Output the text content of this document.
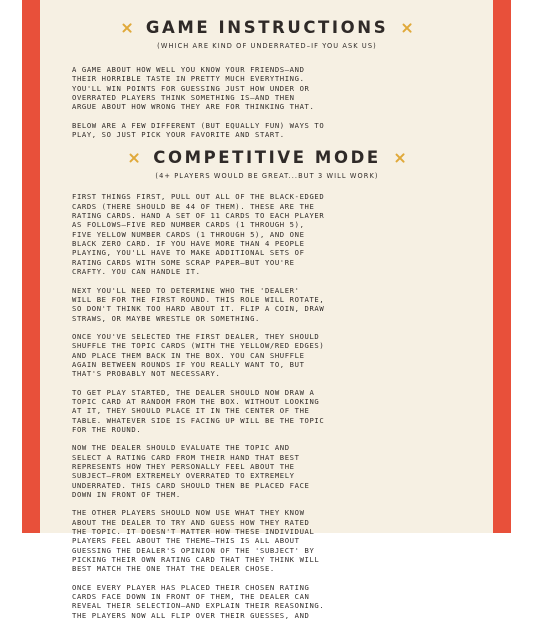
GAME INSTRUCTIONS

(WHICH ARE KIND OF UNDERRATED–IF YOU ASK US)

A GAME ABOUT HOW WELL YOU KNOW YOUR FRIENDS—AND
THEIR HORRIBLE TASTE IN PRETTY MUCH EVERYTHING.
YOU'LL WIN POINTS FOR GUESSING JUST HOW UNDER OR
OVERRATED PLAYERS THINK SOMETHING IS—AND THEN
ARGUE ABOUT HOW WRONG THEY ARE FOR THINKING THAT.
BELOW ARE A FEW DIFFERENT (BUT EQUALLY FUN) WAYS TO
PLAY, SO JUST PICK YOUR FAVORITE AND START.
COMPETITIVE MODE

(4+ PLAYERS WOULD BE GREAT...BUT 3 WILL WORK)

FIRST THINGS FIRST, PULL OUT ALL OF THE BLACK-EDGED
CARDS (THERE SHOULD BE 44 OF THEM). THESE ARE THE
RATING CARDS. HAND A SET OF 11 CARDS TO EACH PLAYER
AS FOLLOWS—FIVE RED NUMBER CARDS (1 THROUGH 5),
FIVE YELLOW NUMBER CARDS (1 THROUGH 5), AND ONE
BLACK ZERO CARD. IF YOU HAVE MORE THAN 4 PEOPLE
PLAYING, YOU'LL HAVE TO MAKE ADDITIONAL SETS OF
RATING CARDS WITH SOME SCRAP PAPER—BUT YOU'RE
CRAFTY. YOU CAN HANDLE IT.
NEXT YOU'LL NEED TO DETERMINE WHO THE 'DEALER'
WILL BE FOR THE FIRST ROUND. THIS ROLE WILL ROTATE,
SO DON'T THINK TOO HARD ABOUT IT. FLIP A COIN, DRAW
STRAWS, OR MAYBE WRESTLE OR SOMETHING.
ONCE YOU'VE SELECTED THE FIRST DEALER, THEY SHOULD
SHUFFLE THE TOPIC CARDS (WITH THE YELLOW/RED EDGES)
AND PLACE THEM BACK IN THE BOX. YOU CAN SHUFFLE
AGAIN BETWEEN ROUNDS IF YOU REALLY WANT TO, BUT
THAT'S PROBABLY NOT NECESSARY.
TO GET PLAY STARTED, THE DEALER SHOULD NOW DRAW A
TOPIC CARD AT RANDOM FROM THE BOX. WITHOUT LOOKING
AT IT, THEY SHOULD PLACE IT IN THE CENTER OF THE
TABLE. WHATEVER SIDE IS FACING UP WILL BE THE TOPIC
FOR THE ROUND.
NOW THE DEALER SHOULD EVALUATE THE TOPIC AND
SELECT A RATING CARD FROM THEIR HAND THAT BEST
REPRESENTS HOW THEY PERSONALLY FEEL ABOUT THE
SUBJECT—FROM EXTREMELY OVERRATED TO EXTREMELY
UNDERRATED. THIS CARD SHOULD THEN BE PLACED FACE
DOWN IN FRONT OF THEM.
THE OTHER PLAYERS SHOULD NOW USE WHAT THEY KNOW
ABOUT THE DEALER TO TRY AND GUESS HOW THEY RATED
THE TOPIC. IT DOESN'T MATTER HOW THESE INDIVIDUAL
PLAYERS FEEL ABOUT THE THEME—THIS IS ALL ABOUT
GUESSING THE DEALER'S OPINION OF THE 'SUBJECT' BY
PICKING THEIR OWN RATING CARD THAT THEY THINK WILL
BEST MATCH THE ONE THAT THE DEALER CHOSE.
ONCE EVERY PLAYER HAS PLACED THEIR CHOSEN RATING
CARDS FACE DOWN IN FRONT OF THEM, THE DEALER CAN
REVEAL THEIR SELECTION—AND EXPLAIN THEIR REASONING.
THE PLAYERS NOW ALL FLIP OVER THEIR GUESSES, AND
